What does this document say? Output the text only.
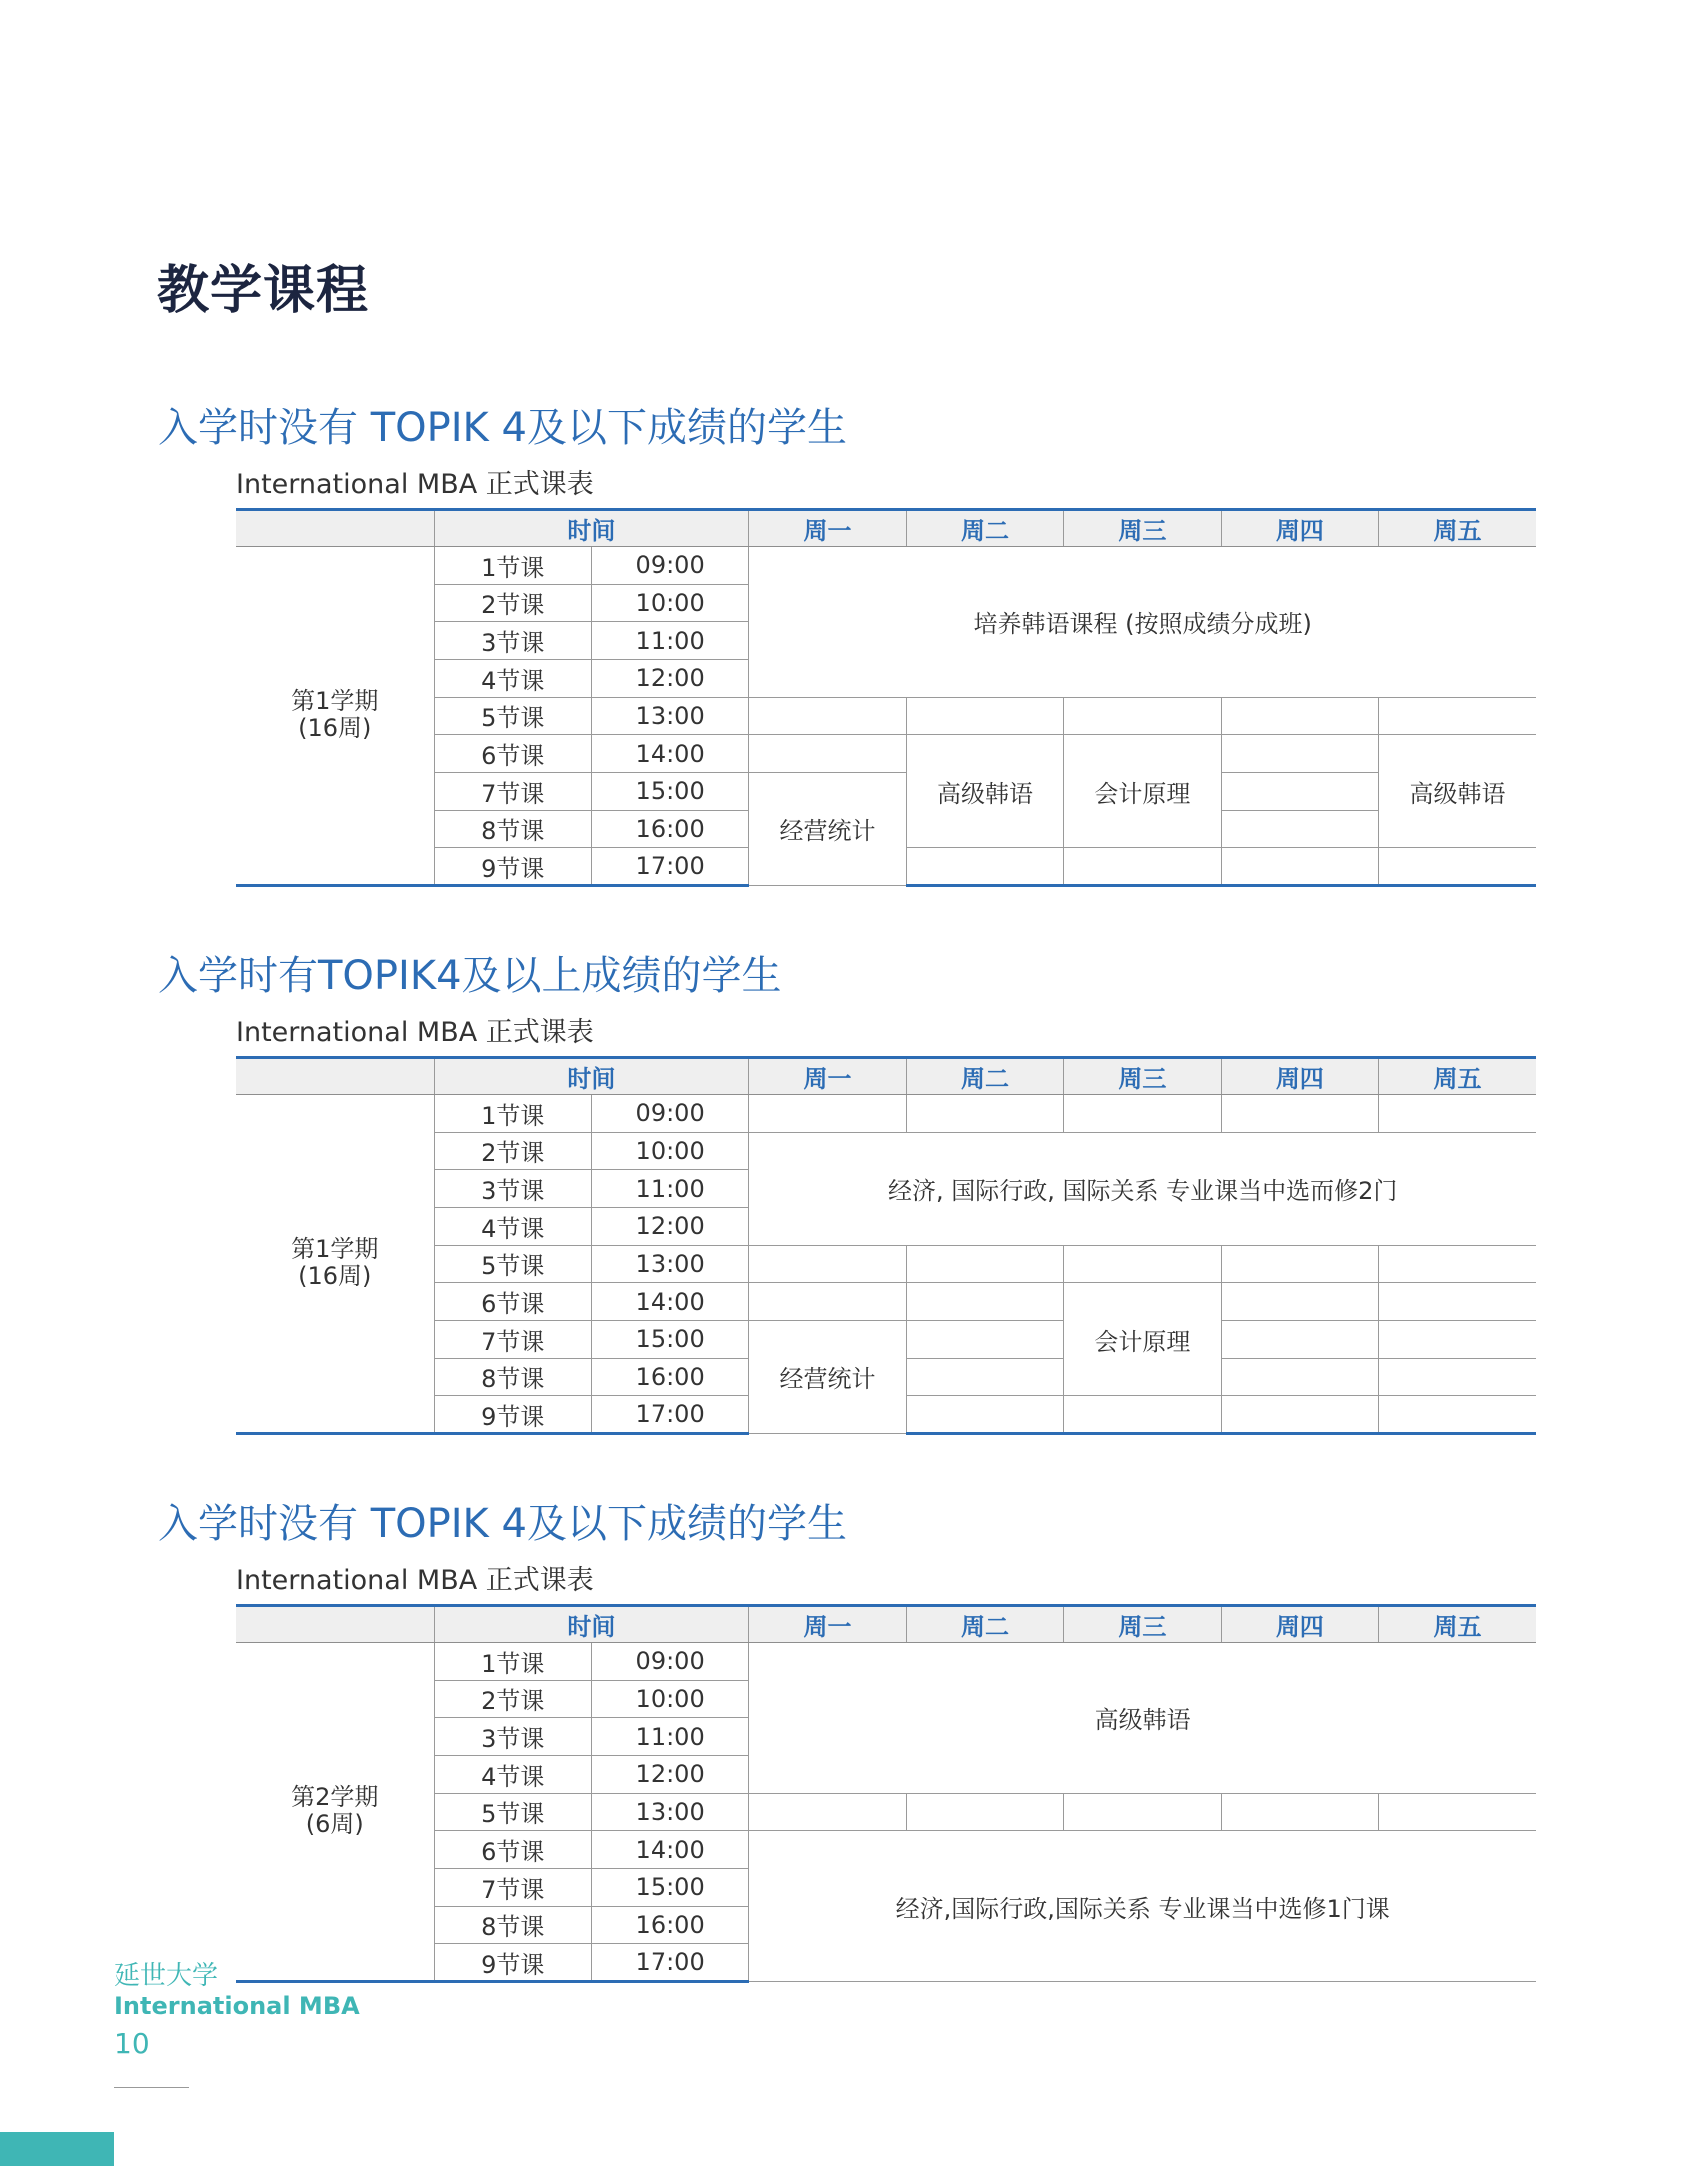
教学课程
入学时没有 TOPIK 4及以下成绩的学生

International MBA 正式课表

	时间		周一	周二	周三	周四	周五

第1学期
(16周)	1节课	09:00	培养韩语课程 (按照成绩分成班)				
	2节课	10:00					
	3节课	11:00					
	4节课	12:00					
	5节课	13:00					
	6节课	14:00		高级韩语	会计原理		高级韩语
	7节课	15:00	经营统计				
	8节课	16:00					
	9节课	17:00					
入学时有TOPIK4及以上成绩的学生

International MBA 正式课表

	时间		周一	周二	周三	周四	周五

第1学期
(16周)	1节课	09:00					
	2节课	10:00	经济, 国际行政, 国际关系 专业课当中选而修2门				
	3节课	11:00					
	4节课	12:00					
	5节课	13:00					
	6节课	14:00			会计原理		
	7节课	15:00	经营统计				
	8节课	16:00					
	9节课	17:00					
入学时没有 TOPIK 4及以下成绩的学生

International MBA 正式课表

	时间		周一	周二	周三	周四	周五

第2学期
(6周)	1节课	09:00	高级韩语				
	2节课	10:00					
	3节课	11:00					
	4节课	12:00					
	5节课	13:00					
	6节课	14:00	经济,国际行政,国际关系 专业课当中选修1门课				
	7节课	15:00					
	8节课	16:00					
	9节课	17:00					

延世大学

International MBA

10
